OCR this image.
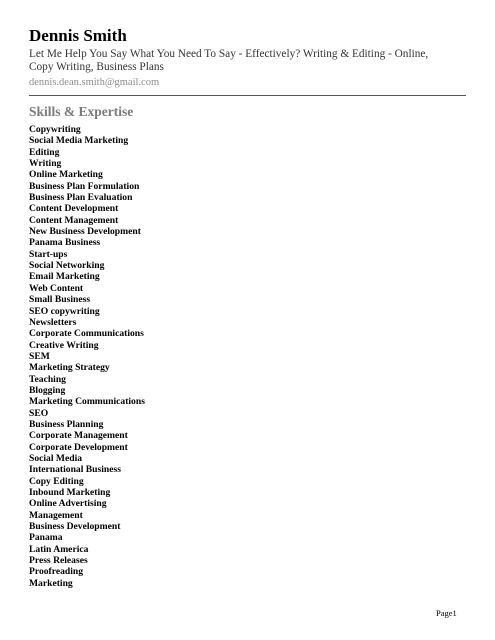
Dennis Smith

Let Me Help You Say What You Need To Say - Effectively? Writing & Editing - Online, Copy Writing, Business Plans

dennis.dean.smith@gmail.com

Skills & Expertise
Copywriting
Social Media Marketing
Editing
Writing
Online Marketing
Business Plan Formulation
Business Plan Evaluation
Content Development
Content Management
New Business Development
Panama Business
Start-ups
Social Networking
Email Marketing
Web Content
Small Business
SEO copywriting
Newsletters
Corporate Communications
Creative Writing
SEM
Marketing Strategy
Teaching
Blogging
Marketing Communications
SEO
Business Planning
Corporate Management
Corporate Development
Social Media
International Business
Copy Editing
Inbound Marketing
Online Advertising
Management
Business Development
Panama
Latin America
Press Releases
Proofreading
Marketing
Page1
